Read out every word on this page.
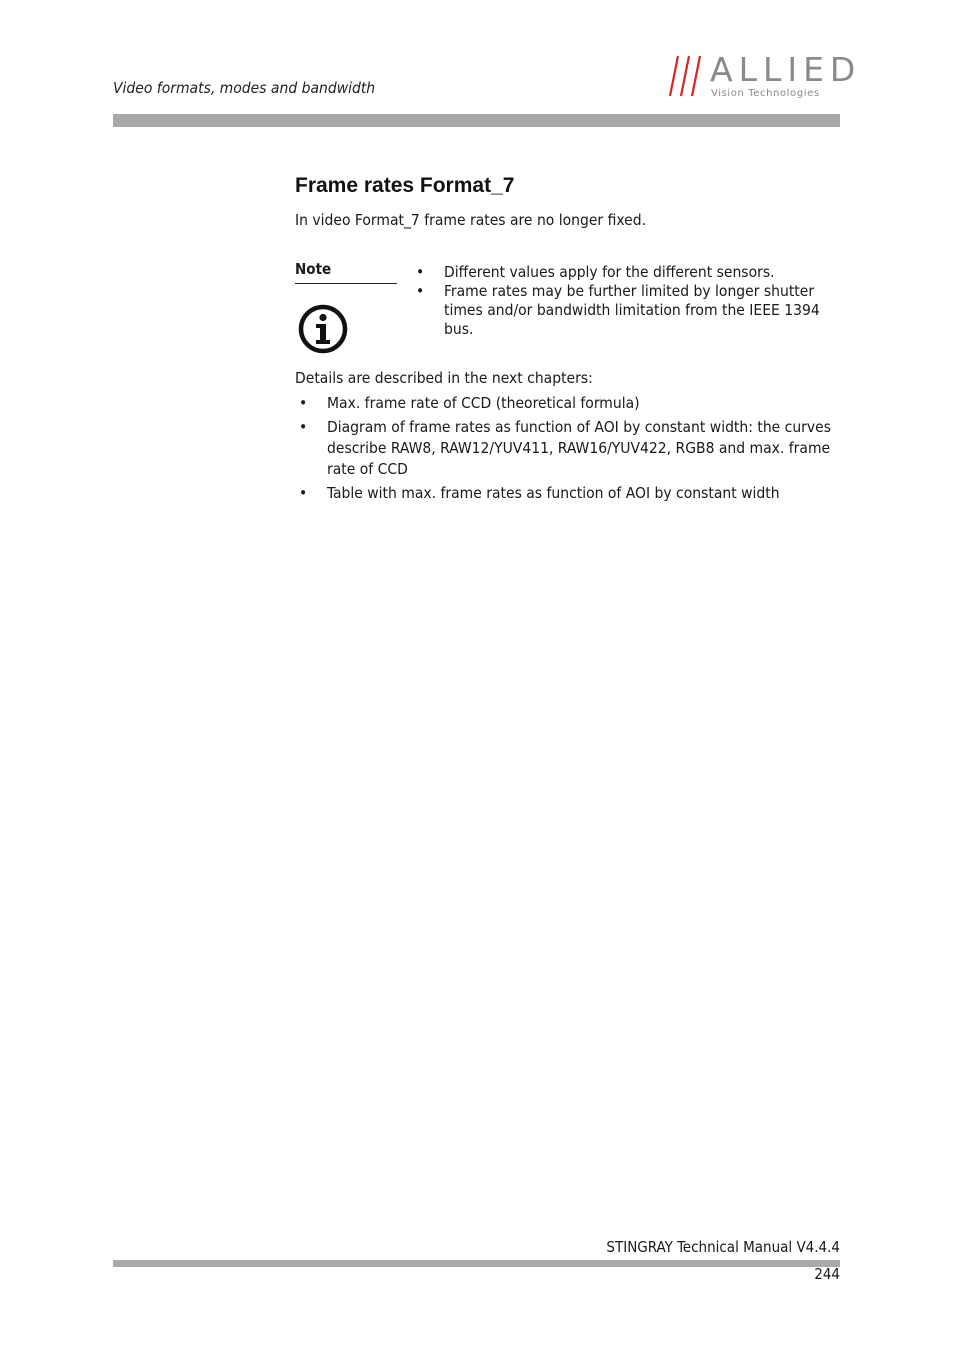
Video formats, modes and bandwidth	ALLIED
Vision Technologies
Frame rates Format_7
In video Format_7 frame rates are no longer fixed.
Note	• Different values apply for the different sensors.
• Frame rates may be further limited by longer shutter times and/or bandwidth limitation from the IEEE 1394 bus.
Details are described in the next chapters:
• Max. frame rate of CCD (theoretical formula)
• Diagram of frame rates as function of AOI by constant width: the curves describe RAW8, RAW12/YUV411, RAW16/YUV422, RGB8 and max. frame rate of CCD
• Table with max. frame rates as function of AOI by constant width
STINGRAY Technical Manual V4.4.4
244
